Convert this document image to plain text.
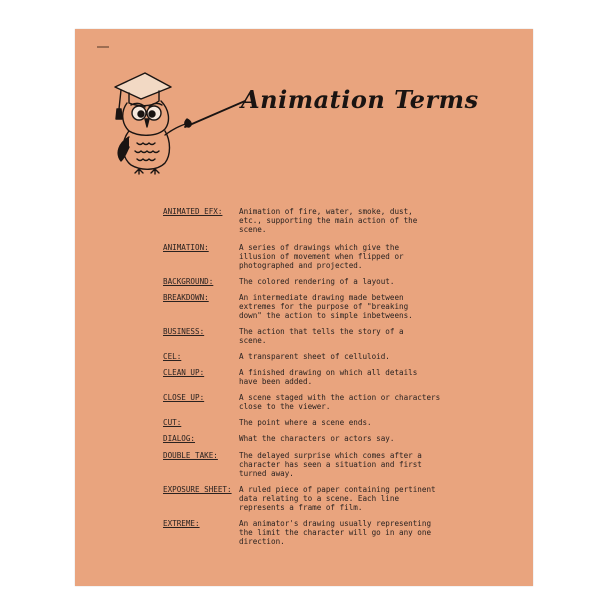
Animation Terms
ANIMATED EFX: Animation of fire, water, smoke, dust,
etc., supporting the main action of the
scene.
ANIMATION:	A series of drawings which give the
illusion of movement when flipped or
photographed and projected.
BACKGROUND:	The colored rendering of a layout.
BREAKDOWN:	An intermediate drawing made between
extremes for the purpose of "breaking
down" the action to simple inbetweens.
BUSINESS:	The action that tells the story of a
scene.
CEL:	A transparent sheet of celluloid.
CLEAN UP:	A finished drawing on which all details
have been added.
CLOSE UP:	A scene staged with the action or characters
close to the viewer.
CUT:	The point where a scene ends.
DIALOG:	What the characters or actors say.
DOUBLE TAKE:	The delayed surprise which comes after a
character has seen a situation and first
turned away.
EXPOSURE SHEET: A ruled piece of paper containing pertinent
data relating to a scene. Each line
represents a frame of film.
EXTREME:	An animator's drawing usually representing
the limit the character will go in any one
direction.
